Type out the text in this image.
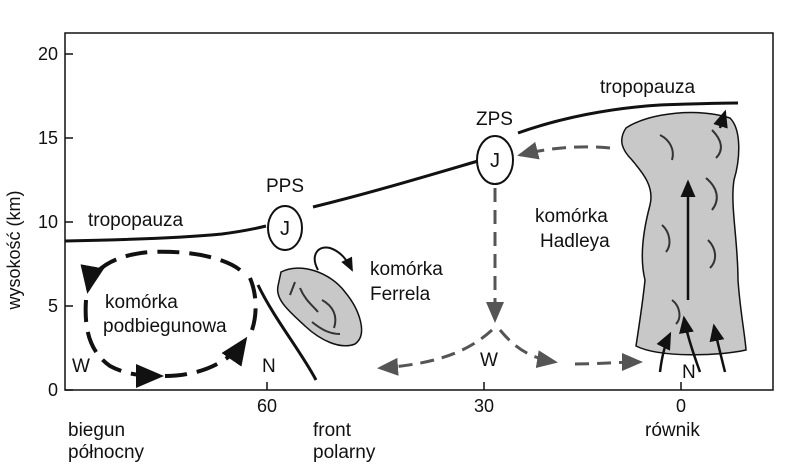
0
5
10
15
20
wysokość (km)
60	30	0
biegun
północny
front
polarny
równik
tropopauza
tropopauza
PPS
J
ZPS
J
komórka
podbiegunowa
komórka
Ferrela
komórka
Hadleya
W	N	W
N
